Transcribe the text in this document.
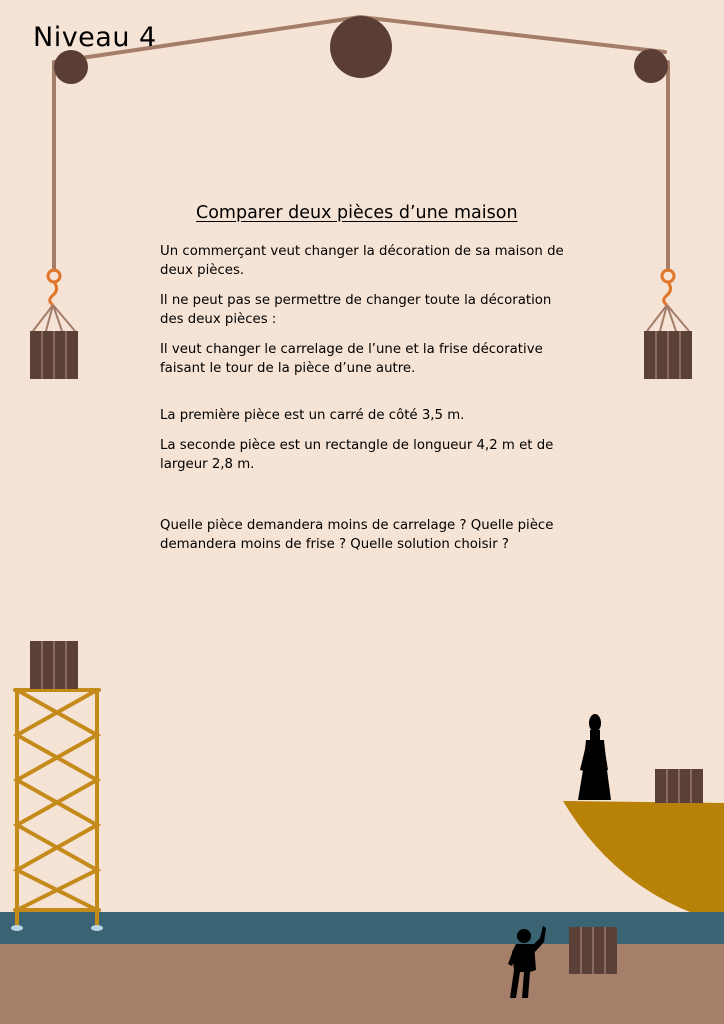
Niveau 4
Comparer deux pièces d’une maison

Un commerçant veut changer la décoration de sa maison de deux pièces.

Il ne peut pas se permettre de changer toute la décoration des deux pièces :

Il veut changer le carrelage de l’une et la frise décorative faisant le tour de la pièce d’une autre.

La première pièce est un carré de côté 3,5 m.

La seconde pièce est un rectangle de longueur 4,2 m et de largeur 2,8 m.

Quelle pièce demandera moins de carrelage ? Quelle pièce demandera moins de frise ? Quelle solution choisir ?
